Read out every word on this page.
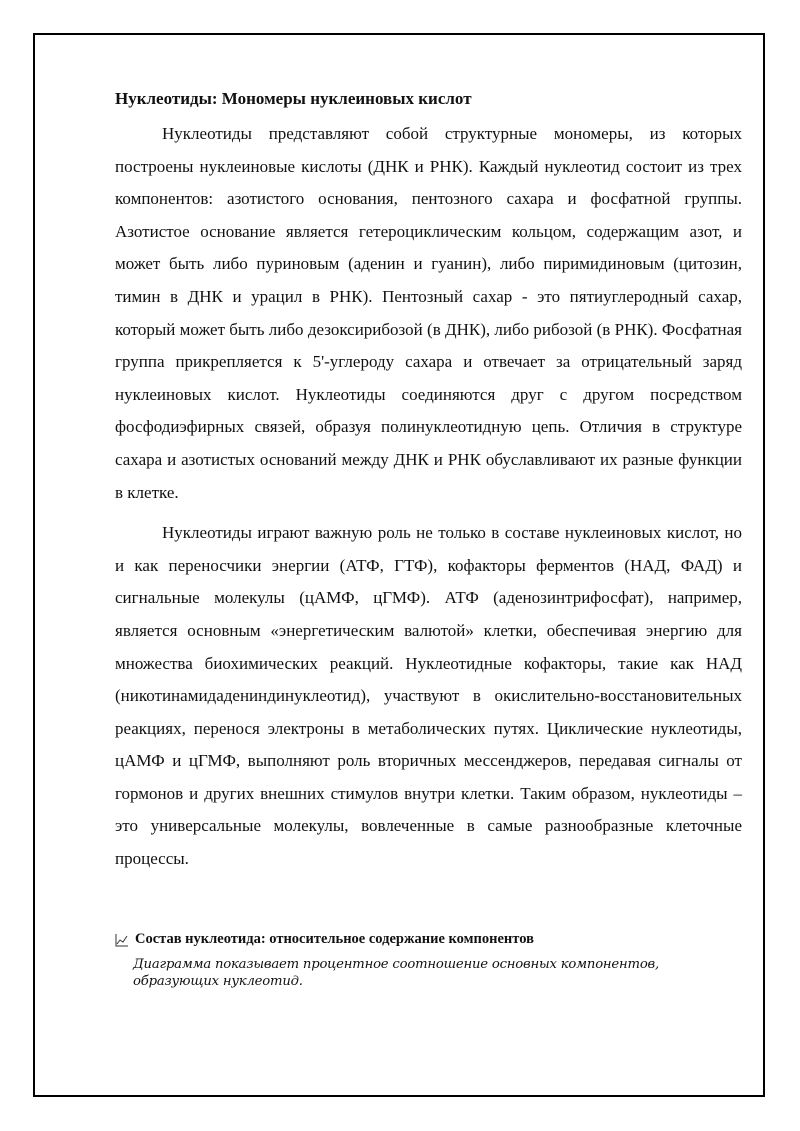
Нуклеотиды: Мономеры нуклеиновых кислот

Нуклеотиды представляют собой структурные мономеры, из которых построены нуклеиновые кислоты (ДНК и РНК). Каждый нуклеотид состоит из трех компонентов: азотистого основания, пентозного сахара и фосфатной группы. Азотистое основание является гетероциклическим кольцом, содержащим азот, и может быть либо пуриновым (аденин и гуанин), либо пиримидиновым (цитозин, тимин в ДНК и урацил в РНК). Пентозный сахар - это пятиуглеродный сахар, который может быть либо дезоксирибозой (в ДНК), либо рибозой (в РНК). Фосфатная группа прикрепляется к 5'-углероду сахара и отвечает за отрицательный заряд нуклеиновых кислот. Нуклеотиды соединяются друг с другом посредством фосфодиэфирных связей, образуя полинуклеотидную цепь. Отличия в структуре сахара и азотистых оснований между ДНК и РНК обуславливают их разные функции в клетке.

Нуклеотиды играют важную роль не только в составе нуклеиновых кислот, но и как переносчики энергии (АТФ, ГТФ), кофакторы ферментов (НАД, ФАД) и сигнальные молекулы (цАМФ, цГМФ). АТФ (аденозинтрифосфат), например, является основным «энергетическим валютой» клетки, обеспечивая энергию для множества биохимических реакций. Нуклеотидные кофакторы, такие как НАД (никотинамидадениндинуклеотид), участвуют в окислительно-восстановительных реакциях, перенося электроны в метаболических путях. Циклические нуклеотиды, цАМФ и цГМФ, выполняют роль вторичных мессенджеров, передавая сигналы от гормонов и других внешних стимулов внутри клетки. Таким образом, нуклеотиды – это универсальные молекулы, вовлеченные в самые разнообразные клеточные процессы.

Состав нуклеотида: относительное содержание компонентов
Диаграмма показывает процентное соотношение основных компонентов, образующих нуклеотид.
